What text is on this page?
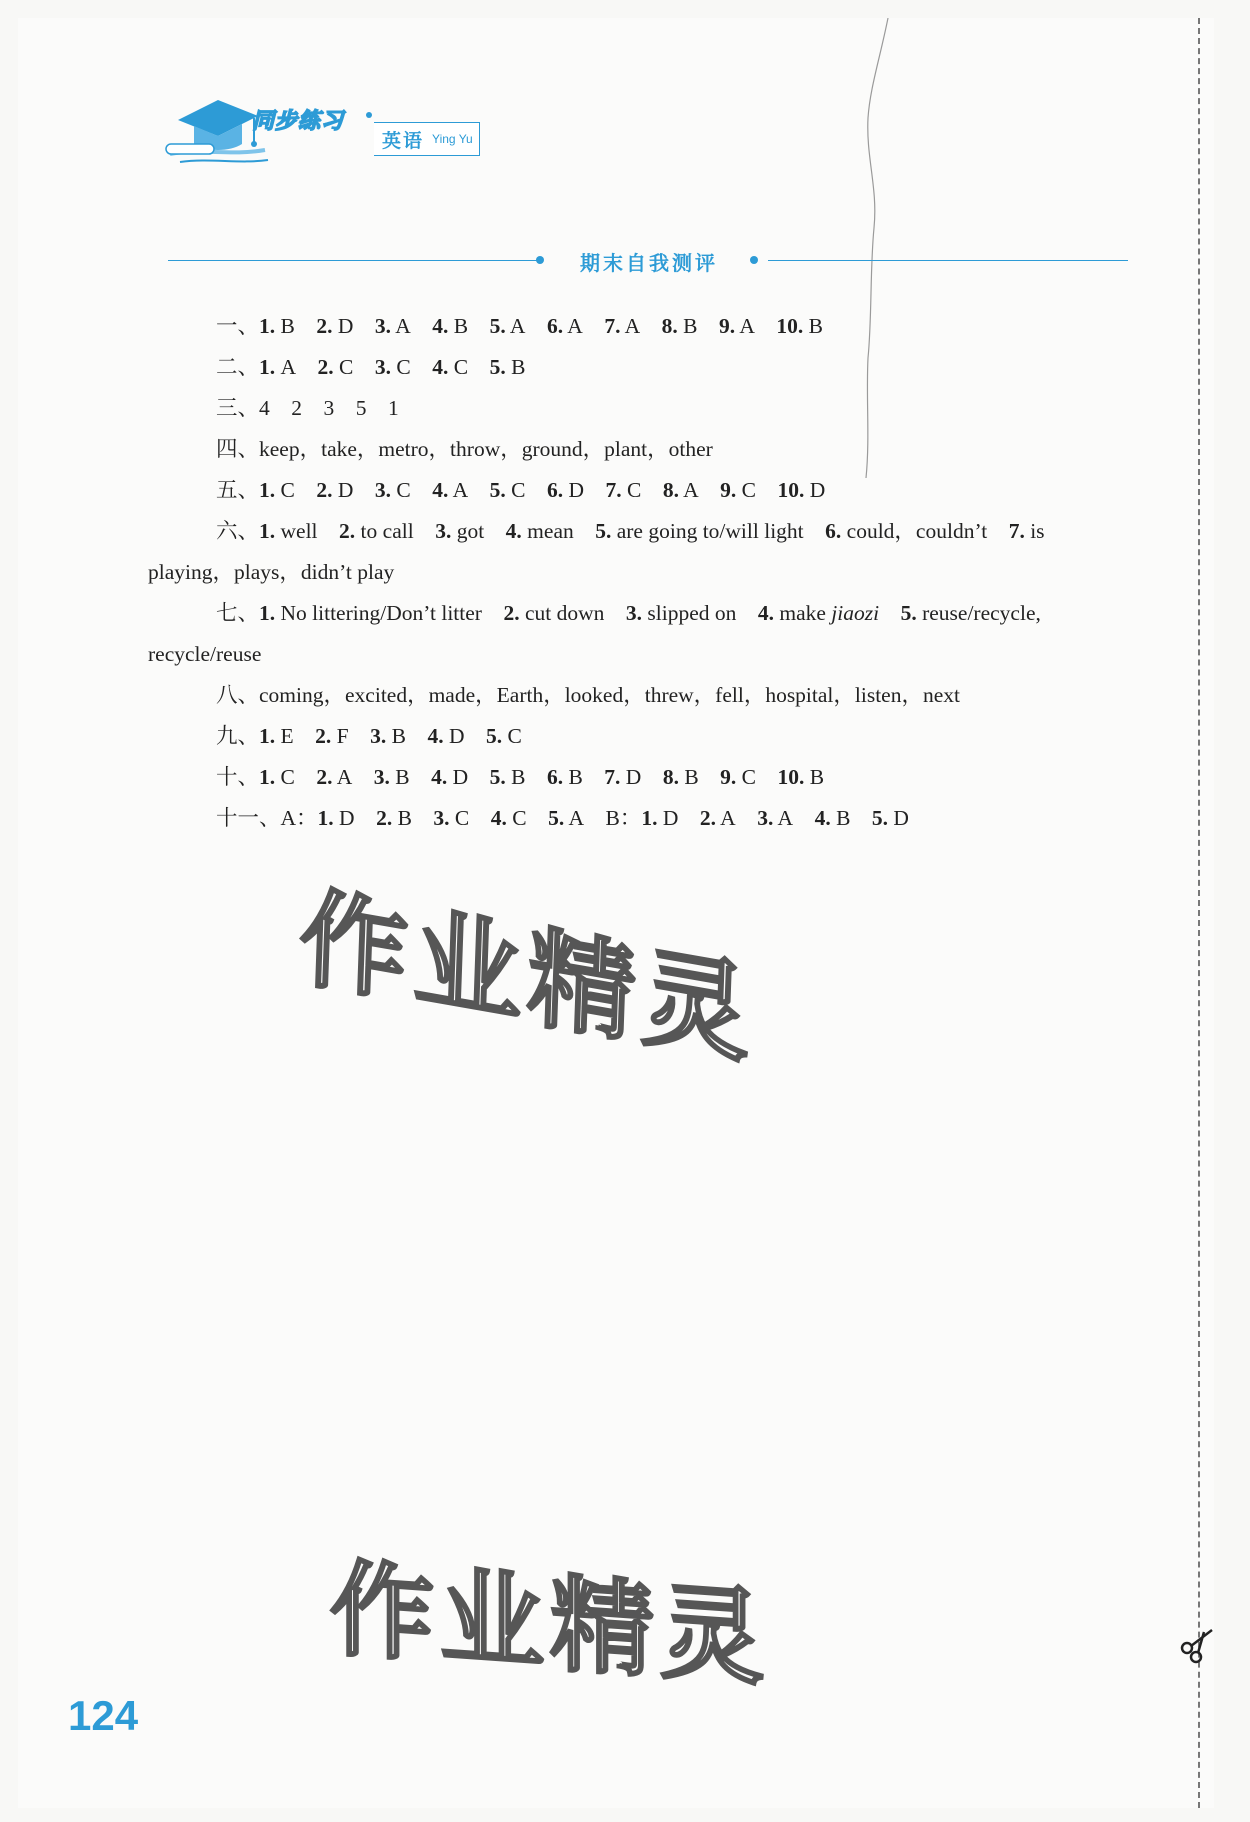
同步练习
英语 Ying Yu
期末自我测评
一、1. B  2. D  3. A  4. B  5. A  6. A  7. A  8. B  9. A  10. B
二、1. A  2. C  3. C  4. C  5. B
三、4　2　3　5　1
四、keep，take，metro，throw，ground，plant，other
五、1. C  2. D  3. C  4. A  5. C  6. D  7. C  8. A  9. C  10. D
六、1. well  2. to call  3. got  4. mean  5. are going to/will light  6. could，couldn’t  7. is
playing，plays，didn’t play
七、1. No littering/Don’t litter  2. cut down  3. slipped on  4. make jiaozi  5. reuse/recycle,
recycle/reuse
八、coming，excited，made，Earth，looked，threw，fell，hospital，listen，next
九、1. E  2. F  3. B  4. D  5. C
十、1. C  2. A  3. B  4. D  5. B  6. B  7. D  8. B  9. C  10. B
十一、A：1. D  2. B  3. C  4. C  5. A  B：1. D  2. A  3. A  4. B  5. D
作业精灵
作业精灵
124
